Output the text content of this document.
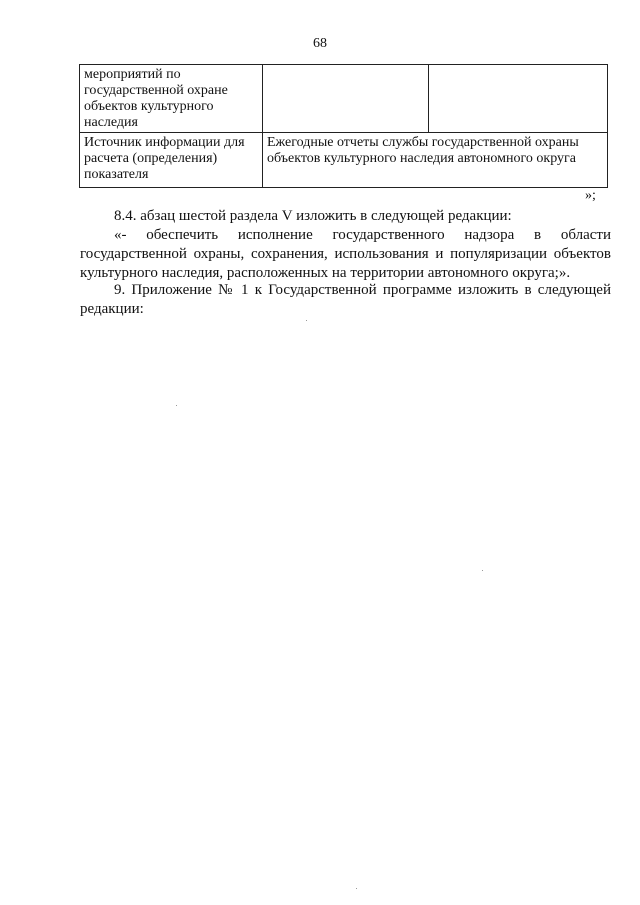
68
мероприятий по государственной охране объектов культурного наследия		
Источник информации для расчета (определения) показателя	Ежегодные отчеты службы государственной охраны объектов культурного наследия автономного округа	
»;

8.4. абзац шестой раздела V изложить в следующей редакции:

«- обеспечить исполнение государственного надзора в области государственной охраны, сохранения, использования и популяризации объектов культурного наследия, расположенных на территории автономного округа;».

9. Приложение № 1 к Государственной программе изложить в следующей редакции:
